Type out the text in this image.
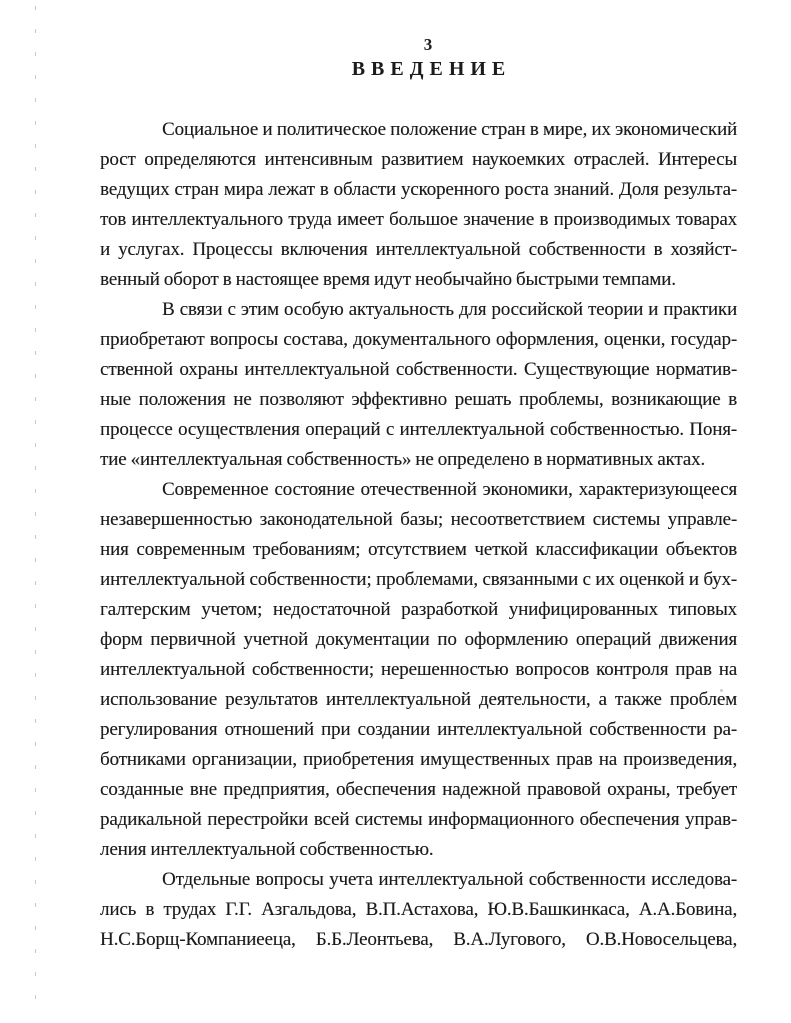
3
ВВЕДЕНИЕ
Социальное и политическое положение стран в мире, их экономический
рост определяются интенсивным развитием наукоемких отраслей. Интересы
ведущих стран мира лежат в области ускоренного роста знаний. Доля результа-
тов интеллектуального труда имеет большое значение в производимых товарах
и услугах. Процессы включения интеллектуальной собственности в хозяйст-
венный оборот в настоящее время идут необычайно быстрыми темпами.
В связи с этим особую актуальность для российской теории и практики
приобретают вопросы состава, документального оформления, оценки, государ-
ственной охраны интеллектуальной собственности. Существующие норматив-
ные положения не позволяют эффективно решать проблемы, возникающие в
процессе осуществления операций с интеллектуальной собственностью. Поня-
тие «интеллектуальная собственность» не определено в нормативных актах.
Современное состояние отечественной экономики, характеризующееся
незавершенностью законодательной базы; несоответствием системы управле-
ния современным требованиям; отсутствием четкой классификации объектов
интеллектуальной собственности; проблемами, связанными с их оценкой и бух-
галтерским учетом; недостаточной разработкой унифицированных типовых
форм первичной учетной документации по оформлению операций движения
интеллектуальной собственности; нерешенностью вопросов контроля прав на
использование результатов интеллектуальной деятельности, а также проблем
регулирования отношений при создании интеллектуальной собственности ра-
ботниками организации, приобретения имущественных прав на произведения,
созданные вне предприятия, обеспечения надежной правовой охраны, требует
радикальной перестройки всей системы информационного обеспечения управ-
ления интеллектуальной собственностью.
Отдельные вопросы учета интеллектуальной собственности исследова-
лись в трудах Г.Г. Азгальдова, В.П.Астахова, Ю.В.Башкинкаса, А.А.Бовина,
Н.С.Борщ-Компаниееца, Б.Б.Леонтьева, В.А.Лугового, О.В.Новосельцева,
